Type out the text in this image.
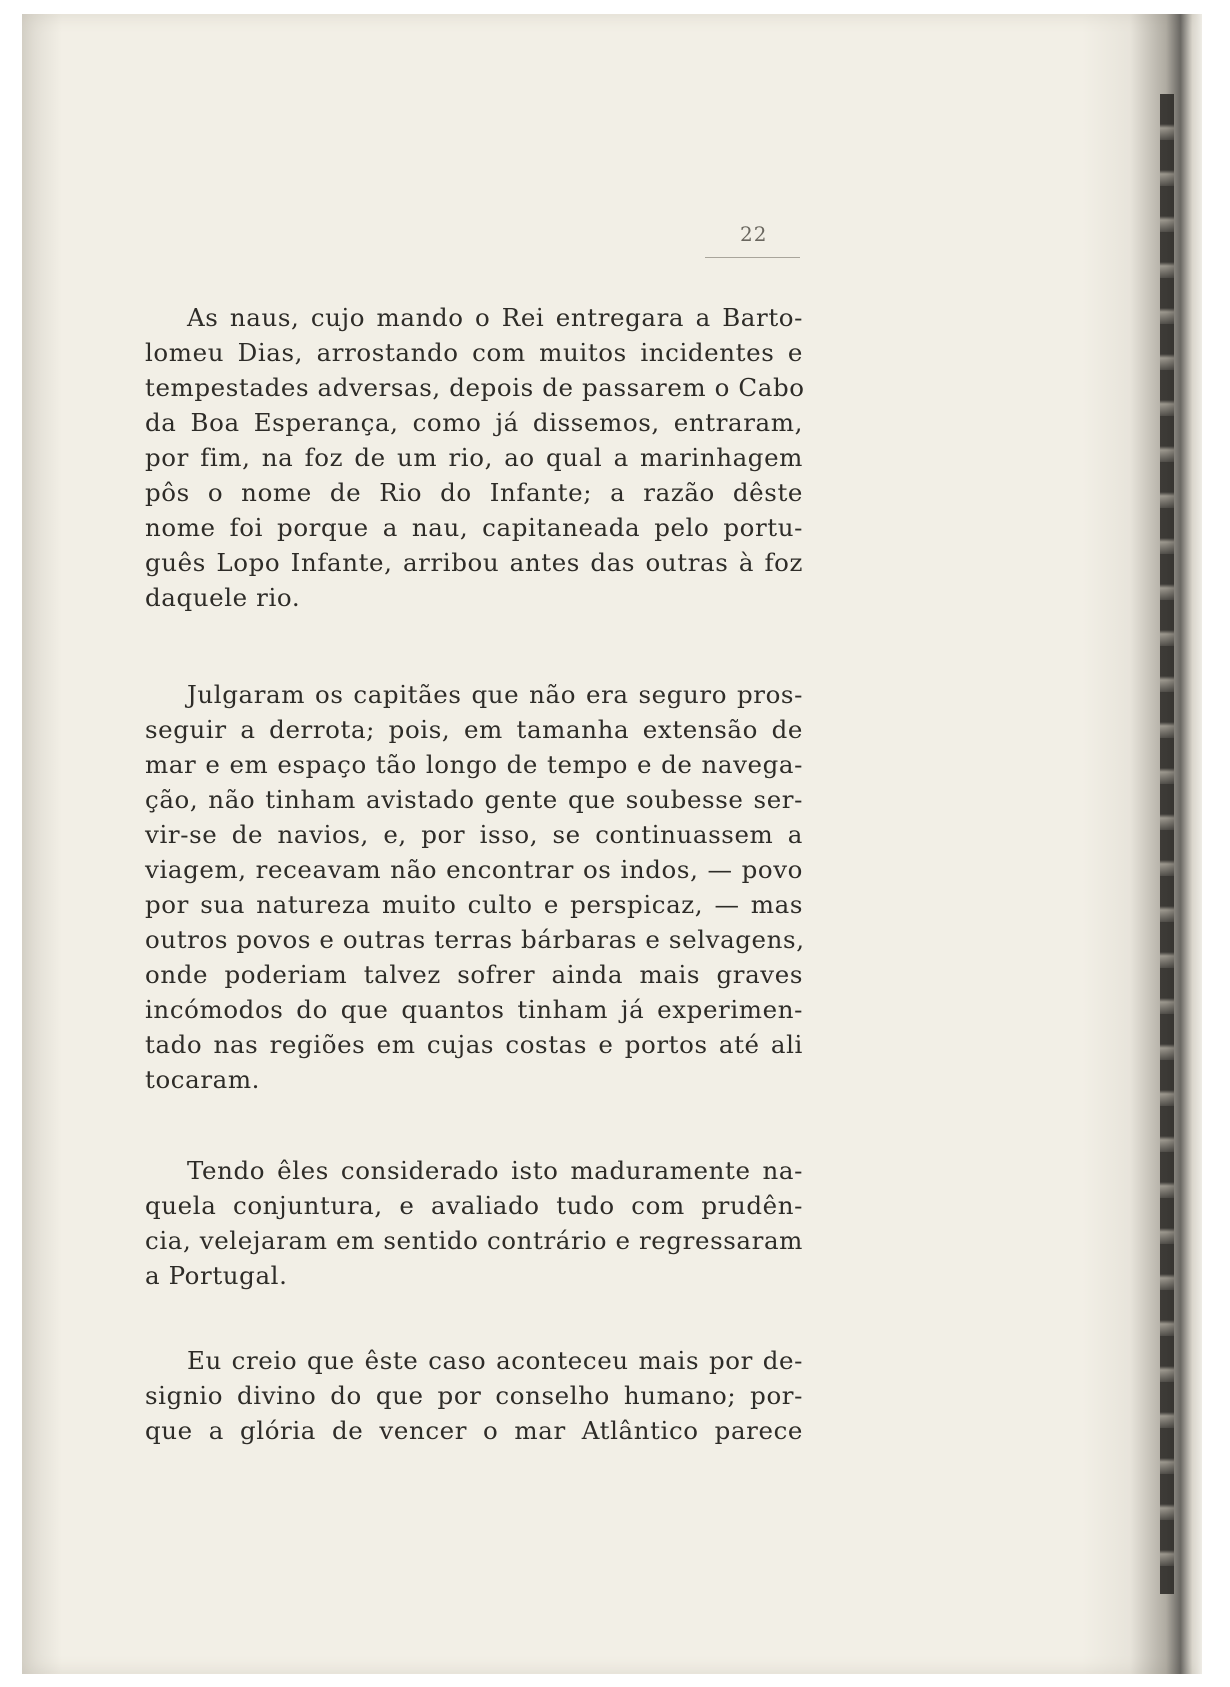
22
As naus, cujo mando o Rei entregara a Barto-
lomeu Dias, arrostando com muitos incidentes e
tempestades adversas, depois de passarem o Cabo
da Boa Esperança, como já dissemos, entraram,
por fim, na foz de um rio, ao qual a marinhagem
pôs o nome de Rio do Infante; a razão dêste
nome foi porque a nau, capitaneada pelo portu-
guês Lopo Infante, arribou antes das outras à foz
daquele rio.
Julgaram os capitães que não era seguro pros-
seguir a derrota; pois, em tamanha extensão de
mar e em espaço tão longo de tempo e de navega-
ção, não tinham avistado gente que soubesse ser-
vir-se de navios, e, por isso, se continuassem a
viagem, receavam não encontrar os indos, — povo
por sua natureza muito culto e perspicaz, — mas
outros povos e outras terras bárbaras e selvagens,
onde poderiam talvez sofrer ainda mais graves
incómodos do que quantos tinham já experimen-
tado nas regiões em cujas costas e portos até ali
tocaram.
Tendo êles considerado isto maduramente na-
quela conjuntura, e avaliado tudo com prudên-
cia, velejaram em sentido contrário e regressaram
a Portugal.
Eu creio que êste caso aconteceu mais por de-
signio divino do que por conselho humano; por-
que a glória de vencer o mar Atlântico parece
